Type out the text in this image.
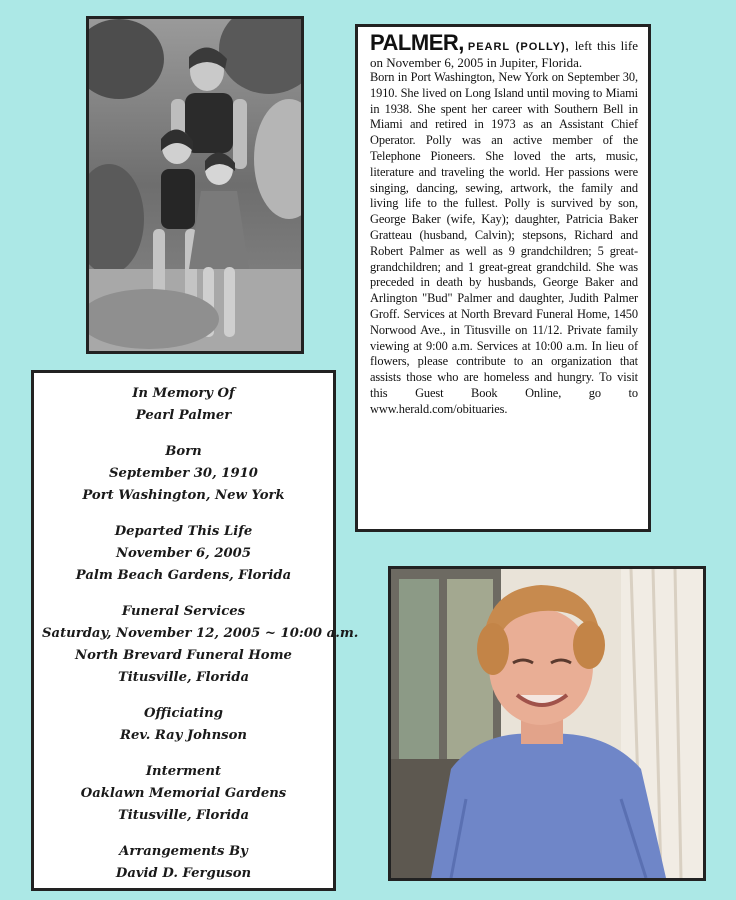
PALMER, PEARL (POLLY), left this life on November 6, 2005 in Jupiter, Florida.

Born in Port Washington, New York on September 30, 1910. She lived on Long Island until moving to Miami in 1938. She spent her career with Southern Bell in Miami and retired in 1973 as an Assistant Chief Operator. Polly was an active member of the Telephone Pioneers. She loved the arts, music, literature and traveling the world. Her passions were singing, dancing, sewing, artwork, the family and living life to the fullest. Polly is survived by son, George Baker (wife, Kay); daughter, Patricia Baker Gratteau (husband, Calvin); stepsons, Richard and Robert Palmer as well as 9 grandchildren; 5 great-grandchildren; and 1 great-great grandchild. She was preceded in death by husbands, George Baker and Arlington "Bud" Palmer and daughter, Judith Palmer Groff. Services at North Brevard Funeral Home, 1450 Norwood Ave., in Titusville on 11/12. Private family viewing at 9:00 a.m. Services at 10:00 a.m. In lieu of flowers, please contribute to an organization that assists those who are homeless and hungry. To visit this Guest Book Online, go to www.herald.com/obituaries.

In Memory Of
Pearl Palmer
Born
September 30, 1910
Port Washington, New York
Departed This Life
November 6, 2005
Palm Beach Gardens, Florida
Funeral Services
Saturday, November 12, 2005 ~ 10:00 a.m.
North Brevard Funeral Home
Titusville, Florida
Officiating
Rev. Ray Johnson
Interment
Oaklawn Memorial Gardens
Titusville, Florida
Arrangements By
David D. Ferguson
